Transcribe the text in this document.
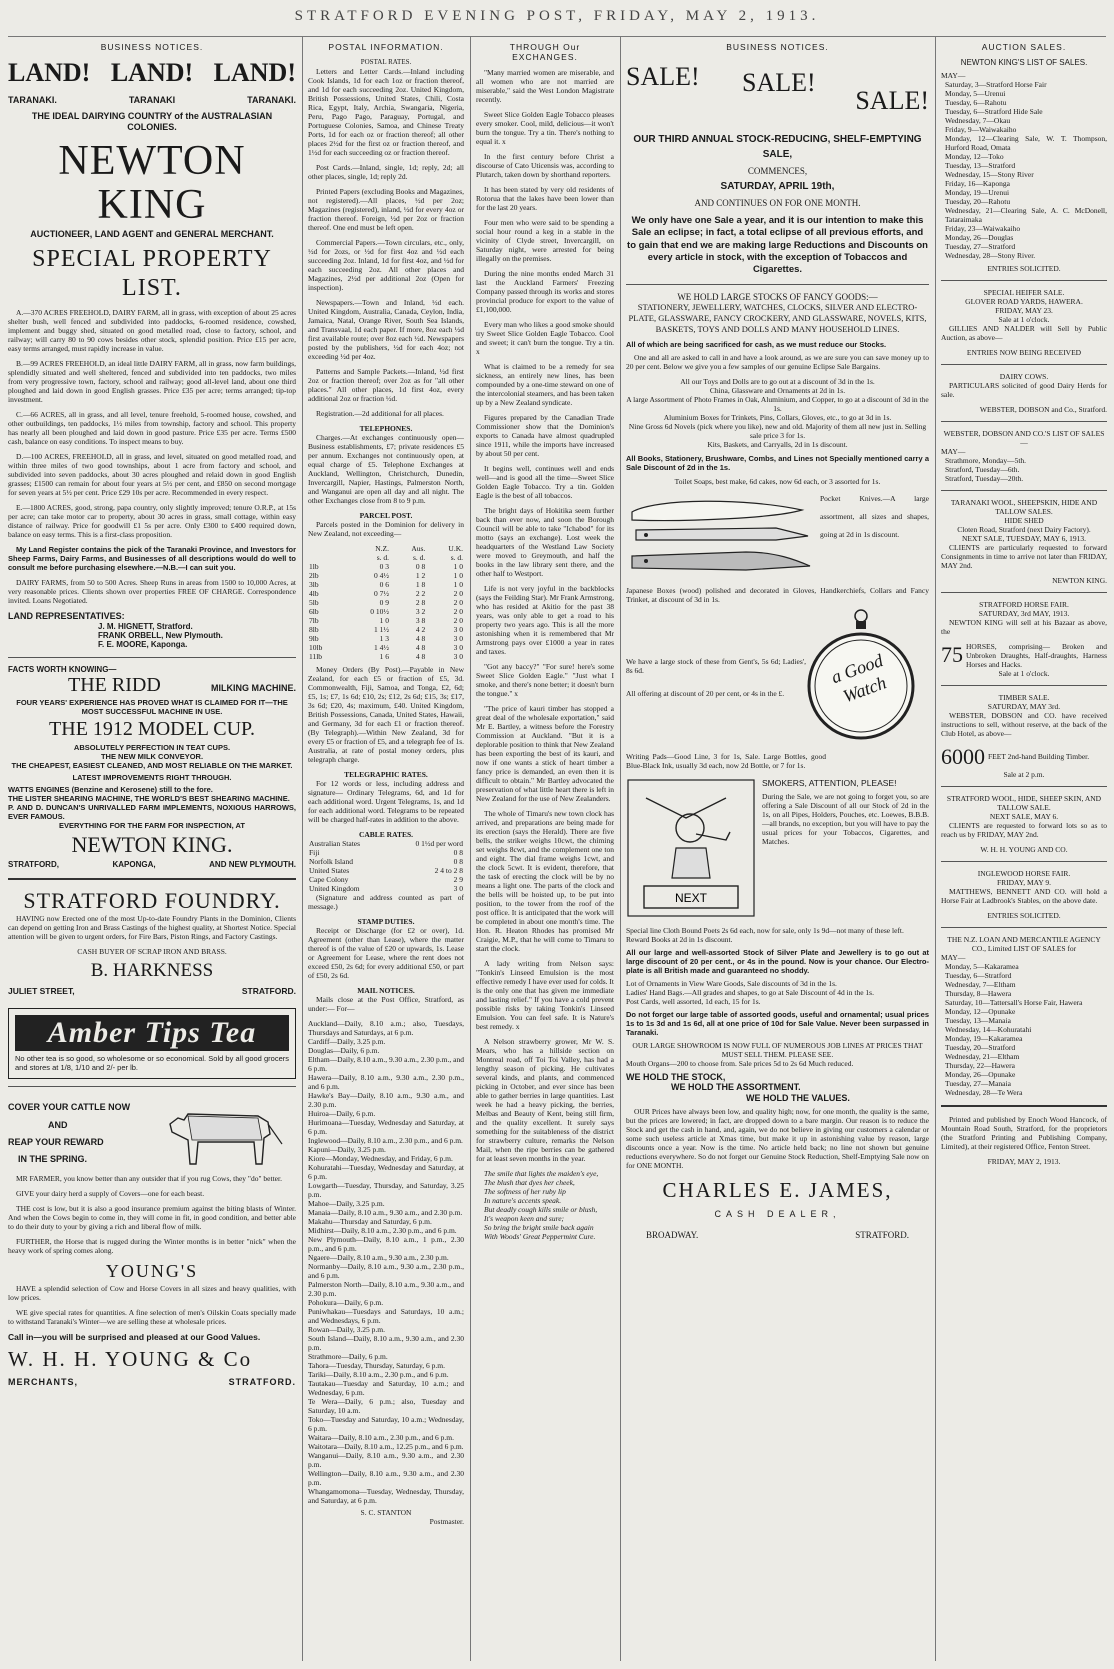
STRATFORD EVENING POST, FRIDAY, MAY 2, 1913.
BUSINESS NOTICES.
LAND! LAND! LAND!
TARANAKI.	TARANAKI	TARANAKI.
THE IDEAL DAIRYING COUNTRY of the AUSTRALASIAN COLONIES.
NEWTON KING
AUCTIONEER, LAND AGENT and GENERAL MERCHANT.
SPECIAL PROPERTY LIST.

A.—370 ACRES FREEHOLD, DAIRY FARM, all in grass, with exception of about 25 acres shelter bush, well fenced and subdivided into paddocks, 6-roomed residence, cowshed, implement and buggy shed, situated on good metalled road, close to factory, school, and railway; will carry 80 to 90 cows besides other stock, splendid position. Price £15 per acre, easy terms arranged, must rapidly increase in value.

B.—99 ACRES FREEHOLD, an ideal little DAIRY FARM, all in grass, now farm buildings, splendidly situated and well sheltered, fenced and subdivided into ten paddocks, two miles from very progressive town, factory, school and railway; good all-level land, about one third ploughed and laid down in good English grasses. Price £35 per acre; terms arranged; tip-top investment.

C.—66 ACRES, all in grass, and all level, tenure freehold, 5-roomed house, cowshed, and other outbuildings, ten paddocks, 1½ miles from township, factory and school. This property has nearly all been ploughed and laid down in good pasture. Price £35 per acre. Terms £500 cash, balance on easy conditions. To inspect means to buy.

D.—100 ACRES, FREEHOLD, all in grass, and level, situated on good metalled road, and within three miles of two good townships, about 1 acre from factory and school, and subdivided into seven paddocks, about 30 acres ploughed and relaid down in good English grasses; £1500 can remain for about four years at 5½ per cent, and £850 on second mortgage for seven years at 5½ per cent. Price £29 10s per acre. Recommended in every respect.

E.—1800 ACRES, good, strong, papa country, only slightly improved; tenure O.R.P., at 15s per acre; can take motor car to property, about 30 acres in grass, small cottage, within easy distance of railway. Price for goodwill £1 5s per acre. Only £300 to £400 required down, balance on easy terms. This is a first-class proposition.

My Land Register contains the pick of the Taranaki Province, and Investors for Sheep Farms, Dairy Farms, and Businesses of all descriptions would do well to consult me before purchasing elsewhere.—N.B.—I can suit you.

DAIRY FARMS, from 50 to 500 Acres. Sheep Runs in areas from 1500 to 10,000 Acres, at very reasonable prices. Clients shown over properties FREE OF CHARGE. Correspondence invited. Loans Negotiated.

LAND REPRESENTATIVES:
J. M. HIGNETT, Stratford.
FRANK ORBELL, New Plymouth.
F. E. MOORE, Kaponga.
FACTS WORTH KNOWING—
THE RIDD	MILKING MACHINE.
FOUR YEARS' EXPERIENCE HAS PROVED WHAT IS CLAIMED FOR IT—THE MOST SUCCESSFUL MACHINE IN USE.
THE 1912 MODEL CUP.
ABSOLUTELY PERFECTION IN TEAT CUPS.
THE NEW MILK CONVEYOR.
THE CHEAPEST, EASIEST CLEANED, AND MOST RELIABLE ON THE MARKET.
LATEST IMPROVEMENTS RIGHT THROUGH.
WATTS ENGINES (Benzine and Kerosene) still to the fore.
THE LISTER SHEARING MACHINE, THE WORLD'S BEST SHEARING MACHINE.
P. AND D. DUNCAN'S UNRIVALLED FARM IMPLEMENTS, NOXIOUS HARROWS, EVER FAMOUS.
EVERYTHING FOR THE FARM FOR INSPECTION, AT
NEWTON KING.
STRATFORD,	KAPONGA,	AND NEW PLYMOUTH.
STRATFORD FOUNDRY.

HAVING now Erected one of the most Up-to-date Foundry Plants in the Dominion, Clients can depend on getting Iron and Brass Castings of the highest quality, at Shortest Notice. Special attention will be given to urgent orders, for Fire Bars, Piston Rings, and Factory Castings.

CASH BUYER OF SCRAP IRON AND BRASS.
B. HARKNESS
JULIET STREET,	STRATFORD.
Amber Tips Tea
No other tea is so good, so wholesome or so economical. Sold by all good grocers and stores at 1/8, 1/10 and 2/- per lb.
COVER YOUR CATTLE NOW
AND
REAP YOUR REWARD
IN THE SPRING.

MR FARMER, you know better than any outsider that if you rug Cows, they "do" better.

GIVE your dairy herd a supply of Covers—one for each beast.

THE cost is low, but it is also a good insurance premium against the biting blasts of Winter. And when the Cows begin to come in, they will come in fit, in good condition, and better able to do their duty to your by giving a rich and liberal flow of milk.

FURTHER, the Horse that is rugged during the Winter months is in better "nick" when the heavy work of spring comes along.

YOUNG'S

HAVE a splendid selection of Cow and Horse Covers in all sizes and heavy qualities, with low prices.

WE give special rates for quantities. A fine selection of men's Oilskin Coats specially made to withstand Taranaki's Winter—we are selling these at wholesale prices.

Call in—you will be surprised and pleased at our Good Values.
W. H. H. YOUNG & Co
MERCHANTS,	STRATFORD.
POSTAL INFORMATION.
POSTAL RATES.

Letters and Letter Cards.—Inland including Cook Islands, 1d for each 1oz or fraction thereof, and 1d for each succeeding 2oz. United Kingdom, British Possessions, United States, Chili, Costa Rica, Egypt, Italy, Archia, Swangaria, Nigeria, Peru, Pago Pago, Paraguay, Portugal, and Portuguese Colonies, Samoa, and Chinese Treaty Ports, 1d for each oz or fraction thereof; all other places 2½d for the first oz or fraction thereof, and 1½d for each succeeding oz or fraction thereof.

Post Cards.—Inland, single, 1d; reply, 2d; all other places, single, 1d; reply 2d.

Printed Papers (excluding Books and Magazines, not registered).—All places, ½d per 2oz; Magazines (registered), inland, ½d for every 4oz or fraction thereof. Foreign, ½d per 2oz or fraction thereof. One end must be left open.

Commercial Papers.—Town circulars, etc., only, ½d for 2ozs, or ½d for first 4oz and ½d each succeeding 2oz. Inland, 1d for first 4oz, and ½d for each succeeding 2oz. All other places and Magazines, 2½d per additional 2oz (Open for inspection).

Newspapers.—Town and Inland, ½d each. United Kingdom, Australia, Canada, Ceylon, India, Jamaica, Natal, Orange River, South Sea Islands, and Transvaal, 1d each paper. If more, 8oz each ½d first available route; over 8oz each ½d. Newspapers posted by the publishers, ½d for each 4oz; not exceeding ½d per 4oz.

Patterns and Sample Packets.—Inland, ½d first 2oz or fraction thereof; over 2oz as for "all other places." All other places, 1d first 4oz, every additional 2oz or fraction ½d.

Registration.—2d additional for all places.

TELEPHONES.

Charges.—At exchanges continuously open—Business establishments, £7; private residences £5 per annum. Exchanges not continuously open, at equal charge of £5. Telephone Exchanges at Auckland, Wellington, Christchurch, Dunedin, Invercargill, Napier, Hastings, Palmerston North, and Wanganui are open all day and all night. The other Exchanges close from 8 to 9 p.m.

PARCEL POST.

Parcels posted in the Dominion for delivery in New Zealand, not exceeding—

	N.Z.	Aus.	U.K.
	s. d.	s. d.	s. d.
1lb	0 3	0 8	1 0
2lb	0 4½	1 2	1 0
3lb	0 6	1 8	1 0
4lb	0 7½	2 2	2 0
5lb	0 9	2 8	2 0
6lb	0 10½	3 2	2 0
7lb	1 0	3 8	2 0
8lb	1 1½	4 2	3 0
9lb	1 3	4 8	3 0
10lb	1 4½	4 8	3 0
11lb	1 6	4 8	3 0

Money Orders (By Post).—Payable in New Zealand, for each £5 or fraction of £5, 3d. Commonwealth, Fiji, Samoa, and Tonga, £2, 6d; £5, 1s; £7, 1s 6d; £10, 2s; £12, 2s 6d; £15, 3s; £17, 3s 6d; £20, 4s; maximum, £40. United Kingdom, British Possessions, Canada, United States, Hawaii, and Germany, 3d for each £1 or fraction thereof. (By Telegraph).—Within New Zealand, 3d for every £5 or fraction of £5, and a telegraph fee of 1s. Australia, at rate of postal money orders, plus telegraph charge.

TELEGRAPHIC RATES.

For 12 words or less, including address and signature— Ordinary Telegrams, 6d, and 1d for each additional word. Urgent Telegrams, 1s, and 1d for each additional word. Telegrams to be repeated will be charged half-rates in addition to the above.

CABLE RATES.
Australian States	0 1½d per word
Fiji	0 8
Norfolk Island	0 8
United States	2 4 to 2 8
Cape Colony	2 9
United Kingdom	3 0

(Signature and address counted as part of message.)

STAMP DUTIES.

Receipt or Discharge (for £2 or over), 1d. Agreement (other than Lease), where the matter thereof is of the value of £20 or upwards, 1s. Lease or Agreement for Lease, where the rent does not exceed £50, 2s 6d; for every additional £50, or part of £50, 2s 6d.

MAIL NOTICES.

Mails close at the Post Office, Stratford, as under:— For—

Auckland—Daily, 8.10 a.m.; also, Tuesdays, Thursdays and Saturdays, at 6 p.m.
Cardiff—Daily, 3.25 p.m.
Douglas—Daily, 6 p.m.
Eltham—Daily, 8.10 a.m., 9.30 a.m., 2.30 p.m., and 6 p.m.
Hawera—Daily, 8.10 a.m., 9.30 a.m., 2.30 p.m., and 6 p.m.
Hawke's Bay—Daily, 8.10 a.m., 9.30 a.m., and 2.30 p.m.
Huiroa—Daily, 6 p.m.
Hurimoana—Tuesday, Wednesday and Saturday, at 6 p.m.
Inglewood—Daily, 8.10 a.m., 2.30 p.m., and 6 p.m.
Kapuni—Daily, 3.25 p.m.
Kiore—Monday, Wednesday, and Friday, 6 p.m.
Kohuratahi—Tuesday, Wednesday and Saturday, at 6 p.m.
Lowgarth—Tuesday, Thursday, and Saturday, 3.25 p.m.
Mahoe—Daily, 3.25 p.m.
Manaia—Daily, 8.10 a.m., 9.30 a.m., and 2.30 p.m.
Makahu—Thursday and Saturday, 6 p.m.
Midhirst—Daily, 8.10 a.m., 2.30 p.m., and 6 p.m.
New Plymouth—Daily, 8.10 a.m., 1 p.m., 2.30 p.m., and 6 p.m.
Ngaere—Daily, 8.10 a.m., 9.30 a.m., 2.30 p.m.
Normanby—Daily, 8.10 a.m., 9.30 a.m., 2.30 p.m., and 6 p.m.
Palmerston North—Daily, 8.10 a.m., 9.30 a.m., and 2.30 p.m.
Pohokura—Daily, 6 p.m.
Puniwhakau—Tuesdays and Saturdays, 10 a.m.; and Wednesdays, 6 p.m.
Rowan—Daily, 3.25 p.m.
South Island—Daily, 8.10 a.m., 9.30 a.m., and 2.30 p.m.
Strathmore—Daily, 6 p.m.
Tahora—Tuesday, Thursday, Saturday, 6 p.m.
Tariki—Daily, 8.10 a.m., 2.30 p.m., and 6 p.m.
Tautakau—Tuesday and Saturday, 10 a.m.; and Wednesday, 6 p.m.
Te Wera—Daily, 6 p.m.; also, Tuesday and Saturday, 10 a.m.
Toko—Tuesday and Saturday, 10 a.m.; Wednesday, 6 p.m.
Waitara—Daily, 8.10 a.m., 2.30 p.m., and 6 p.m.
Waitotara—Daily, 8.10 a.m., 12.25 p.m., and 6 p.m.
Wanganui—Daily, 8.10 a.m., 9.30 a.m., and 2.30 p.m.
Wellington—Daily, 8.10 a.m., 9.30 a.m., and 2.30 p.m.
Whangamomona—Tuesday, Wednesday, Thursday, and Saturday, at 6 p.m.
S. C. STANTON
Postmaster.
THROUGH Our EXCHANGES.

"Many married women are miserable, and all women who are not married are miserable," said the West London Magistrate recently.

Sweet Slice Golden Eagle Tobacco pleases every smoker. Cool, mild, delicious—it won't burn the tongue. Try a tin. There's nothing to equal it. x

In the first century before Christ a discourse of Cato Uticensis was, according to Plutarch, taken down by shorthand reporters.

It has been stated by very old residents of Rotorua that the lakes have been lower than for the last 20 years.

Four men who were said to be spending a social hour round a keg in a stable in the vicinity of Clyde street, Invercargill, on Saturday night, were arrested for being illegally on the premises.

During the nine months ended March 31 last the Auckland Farmers' Freezing Company passed through its works and stores provincial produce for export to the value of £1,100,000.

Every man who likes a good smoke should try Sweet Slice Golden Eagle Tobacco. Cool and sweet; it can't burn the tongue. Try a tin. x

What is claimed to be a remedy for sea sickness, an entirely new lines, has been compounded by a one-time steward on one of the intercolonial steamers, and has been taken up by a New Zealand syndicate.

Figures prepared by the Canadian Trade Commissioner show that the Dominion's exports to Canada have almost quadrupled since 1911, while the imports have increased by about 50 per cent.

It begins well, continues well and ends well—and is good all the time—Sweet Slice Golden Eagle Tobacco. Try a tin. Golden Eagle is the best of all tobaccos.

The bright days of Hokitika seem further back than ever now, and soon the Borough Council will be able to take "Ichabod" for its motto (says an exchange). Lost week the headquarters of the Westland Law Society were moved to Greymouth, and half the books in the law library sent there, and the other half to Westport.

Life is not very joyful in the backblocks (says the Feilding Star). Mr Frank Armstrong, who has resided at Akitio for the past 38 years, was only able to get a road to his property two years ago. This is all the more astonishing when it is remembered that Mr Armstrong pays over £1000 a year in rates and taxes.

"Got any baccy?" "For sure! here's some Sweet Slice Golden Eagle." "Just what I smoke, and there's none better; it doesn't burn the tongue." x

"The price of kauri timber has stopped a great deal of the wholesale exportation," said Mr E. Bartley, a witness before the Forestry Commission at Auckland. "But it is a deplorable position to think that New Zealand has been exporting the best of its kauri, and now if one wants a stick of heart timber a fancy price is demanded, an even then it is difficult to obtain." Mr Bartley advocated the preservation of what little heart there is left in New Zealand for the use of New Zealanders.

The whole of Timaru's new town clock has arrived, and preparations are being made for its erection (says the Herald). There are five bells, the striker weighs 10cwt, the chiming set weighs 8cwt, and the complement one ton and eight. The dial frame weighs 1cwt, and the clock 5cwt. It is evident, therefore, that the task of erecting the clock will be by no means a light one. The parts of the clock and the bells will be hoisted up, to be put into position, to the tower from the roof of the post office. It is anticipated that the work will be completed in about one month's time. The Hon. R. Heaton Rhodes has promised Mr Craigie, M.P., that he will come to Timaru to start the clock.

A lady writing from Nelson says: "Tonkin's Linseed Emulsion is the most effective remedy I have ever used for colds. It is the only one that has given me immediate and lasting relief." If you have a cold prevent possible risks by taking Tonkin's Linseed Emulsion. You can feel safe. It is Nature's best remedy. x

A Nelson strawberry grower, Mr W. S. Mears, who has a hillside section on Montreal road, off Toi Toi Valley, has had a lengthy season of picking. He cultivates several kinds, and plants, and commenced picking in October, and ever since has been able to gather berries in large quantities. Last week he had a heavy picking, the berries, Melbas and Beauty of Kent, being still firm, and the quality excellent. It surely says something for the suitableness of the district for strawberry culture, remarks the Nelson Mail, when the ripe berries can be gathered for at least seven months in the year.

The smile that lights the maiden's eye,
The blush that dyes her cheek,
The softness of her ruby lip
In nature's accents speak.
But deadly cough kills smile or blush,
It's weapon keen and sure;
So bring the bright smile back again
With Woods' Great Peppermint Cure.
BUSINESS NOTICES.
SALE! SALE!
SALE!
OUR THIRD ANNUAL STOCK-REDUCING, SHELF-EMPTYING SALE,
COMMENCES,
SATURDAY, APRIL 19th,
AND CONTINUES ON FOR ONE MONTH.
We only have one Sale a year, and it is our intention to make this Sale an eclipse; in fact, a total eclipse of all previous efforts, and to gain that end we are making large Reductions and Discounts on every article in stock, with the exception of Tobaccos and Cigarettes.
WE HOLD LARGE STOCKS OF FANCY GOODS:—
STATIONERY, JEWELLERY, WATCHES, CLOCKS, SILVER AND ELECTRO-PLATE, GLASSWARE, FANCY CROCKERY, AND GLASSWARE, NOVELS, KITS, BASKETS, TOYS AND DOLLS AND MANY HOUSEHOLD LINES.
All of which are being sacrificed for cash, as we must reduce our Stocks.

One and all are asked to call in and have a look around, as we are sure you can save money up to 20 per cent. Below we give you a few samples of our genuine Eclipse Sale Bargains.

All our Toys and Dolls are to go out at a discount of 3d in the 1s.
China, Glassware and Ornaments at 2d in 1s.
A large Assortment of Photo Frames in Oak, Aluminium, and Copper, to go at a discount of 3d in the 1s.
Aluminium Boxes for Trinkets, Pins, Collars, Gloves, etc., to go at 3d in 1s.
Nine Gross 6d Novels (pick where you like), new and old. Majority of them all new just in. Selling sale price 3 for 1s.
Kits, Baskets, and Carryalls, 2d in 1s discount.
All Books, Stationery, Brushware, Combs, and Lines not Specially mentioned carry a Sale Discount of 2d in the 1s.
Toilet Soaps, best make, 6d cakes, now 6d each, or 3 assorted for 1s.
Pocket Knives.—A large assortment, all sizes and shapes, going at 2d in 1s discount.
Japanese Boxes (wood) polished and decorated in Gloves, Handkerchiefs, Collars and Fancy Trinket, at discount of 3d in 1s.
We have a large stock of these from Gent's, 5s 6d; Ladies', 8s 6d.
All offering at discount of 20 per cent, or 4s in the £.
a Good Watch
Writing Pads—Good Line, 3 for 1s, Sale. Large Bottles, good Blue-Black Ink, usually 3d each, now 2d Bottle, or 7 for 1s.
NEXT
SMOKERS, ATTENTION, PLEASE!
During the Sale, we are not going to forget you, so are offering a Sale Discount of all our Stock of 2d in the 1s, on all Pipes, Holders, Pouches, etc. Loewes, B.B.B.—all brands, no exception, but you will have to pay the usual prices for your Tobaccos, Cigarettes, and Matches.
Special line Cloth Bound Poets 2s 6d each, now for sale, only 1s 9d—not many of these left.
Reward Books at 2d in 1s discount.
All our large and well-assorted Stock of Silver Plate and Jewellery is to go out at large discount of 20 per cent., or 4s in the pound. Now is your chance. Our Electro-plate is all British made and guaranteed no shoddy.
Lot of Ornaments in View Ware Goods, Sale discounts of 3d in the 1s.
Ladies' Hand Bags.—All grades and shapes, to go at Sale Discount of 4d in the 1s.
Post Cards, well assorted, 1d each, 15 for 1s.
Do not forget our large table of assorted goods, useful and ornamental; usual prices 1s to 1s 3d and 1s 6d, all at one price of 10d for Sale Value. Never been surpassed in Taranaki.
OUR LARGE SHOWROOM IS NOW FULL OF NUMEROUS JOB LINES AT PRICES THAT MUST SELL THEM. PLEASE SEE.
Mouth Organs—200 to choose from. Sale prices 5d to 2s 6d Much reduced.
WE HOLD THE STOCK,
WE HOLD THE ASSORTMENT.
WE HOLD THE VALUES.

OUR Prices have always been low, and quality high; now, for one month, the quality is the same, but the prices are lowered; in fact, are dropped down to a bare margin. Our reason is to reduce the Stock and get the cash in hand, and, again, we do not believe in giving our customers a calendar or some such useless article at Xmas time, but make it up in astonishing value by reason, large discounts once a year. Now is the time. No article held back; no line not shown but genuine reductions everywhere. So do not forget our Genuine Stock Reduction, Shelf-Emptying Sale now on for ONE MONTH.

CHARLES E. JAMES,
CASH DEALER,
BROADWAY.	STRATFORD.
AUCTION SALES.
NEWTON KING'S LIST OF SALES.
MAY—
Saturday, 3—Stratford Horse Fair
Monday, 5—Urenui
Tuesday, 6—Rahotu
Tuesday, 6—Stratford Hide Sale
Wednesday, 7—Okau
Friday, 9—Waiwakaiho
Monday, 12—Clearing Sale, W. T. Thompson, Hurford Road, Omata
Monday, 12—Toko
Tuesday, 13—Stratford
Wednesday, 15—Stony River
Friday, 16—Kaponga
Monday, 19—Urenui
Tuesday, 20—Rahotu
Wednesday, 21—Clearing Sale, A. C. McDonell, Tataraimaka
Friday, 23—Waiwakaiho
Monday, 26—Douglas
Tuesday, 27—Stratford
Wednesday, 28—Stony River.
ENTRIES SOLICITED.
SPECIAL HEIFER SALE.
GLOVER ROAD YARDS, HAWERA.
FRIDAY, MAY 23.
Sale at 1 o'clock.

GILLIES AND NALDER will Sell by Public Auction, as above—

ENTRIES NOW BEING RECEIVED
DAIRY COWS.

PARTICULARS solicited of good Dairy Herds for sale.

WEBSTER, DOBSON and Co., Stratford.
WEBSTER, DOBSON AND CO.'S LIST OF SALES—
MAY—
Strathmore, Monday—5th.
Stratford, Tuesday—6th.
Stratford, Tuesday—20th.
TARANAKI WOOL, SHEEPSKIN, HIDE AND TALLOW SALES.
HIDE SHED
Cloten Road, Stratford (next Dairy Factory).
NEXT SALE, TUESDAY, MAY 6, 1913.

CLIENTS are particularly requested to forward Consignments in time to arrive not later than FRIDAY, MAY 2nd.

NEWTON KING.
STRATFORD HORSE FAIR.
SATURDAY, 3rd MAY, 1913.

NEWTON KING will sell at his Bazaar as above, the

75 HORSES, comprising— Broken and Unbroken Draughts, Half-draughts, Harness Horses and Hacks.
Sale at 1 o'clock.
TIMBER SALE.
SATURDAY, MAY 3rd.

WEBSTER, DOBSON and CO. have received instructions to sell, without reserve, at the back of the Club Hotel, as above—

6000 FEET 2nd-hand Building Timber.
Sale at 2 p.m.
STRATFORD WOOL, HIDE, SHEEP SKIN, AND TALLOW SALE.
NEXT SALE, MAY 6.

CLIENTS are requested to forward lots so as to reach us by FRIDAY, MAY 2nd.

W. H. H. YOUNG AND CO.
INGLEWOOD HORSE FAIR.
FRIDAY, MAY 9.

MATTHEWS, BENNETT AND CO. will hold a Horse Fair at Ladbrook's Stables, on the above date.

ENTRIES SOLICITED.
THE N.Z. LOAN AND MERCANTILE AGENCY CO., Limited LIST OF SALES for
MAY—
Monday, 5—Kakaramea
Tuesday, 6—Stratford
Wednesday, 7—Eltham
Thursday, 8—Hawera
Saturday, 10—Tattersall's Horse Fair, Hawera
Monday, 12—Opunake
Tuesday, 13—Manaia
Wednesday, 14—Kohuratahi
Monday, 19—Kakaramea
Tuesday, 20—Stratford
Wednesday, 21—Eltham
Thursday, 22—Hawera
Monday, 26—Opunake
Tuesday, 27—Manaia
Wednesday, 28—Te Wera

Printed and published by Enoch Wood Hancock, of Mountain Road South, Stratford, for the proprietors (the Stratford Printing and Publishing Company, Limited), at their registered Office, Fenton Street.

FRIDAY, MAY 2, 1913.
